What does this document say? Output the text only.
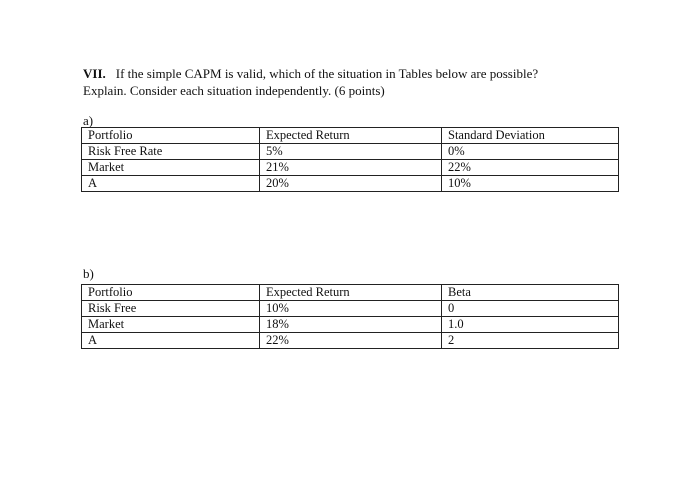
VII. If the simple CAPM is valid, which of the situation in Tables below are possible?
Explain. Consider each situation independently. (6 points)
a)
Portfolio	Expected Return	Standard Deviation
Risk Free Rate	5%	0%
Market	21%	22%
A	20%	10%
b)
Portfolio	Expected Return	Beta
Risk Free	10%	0
Market	18%	1.0
A	22%	2
